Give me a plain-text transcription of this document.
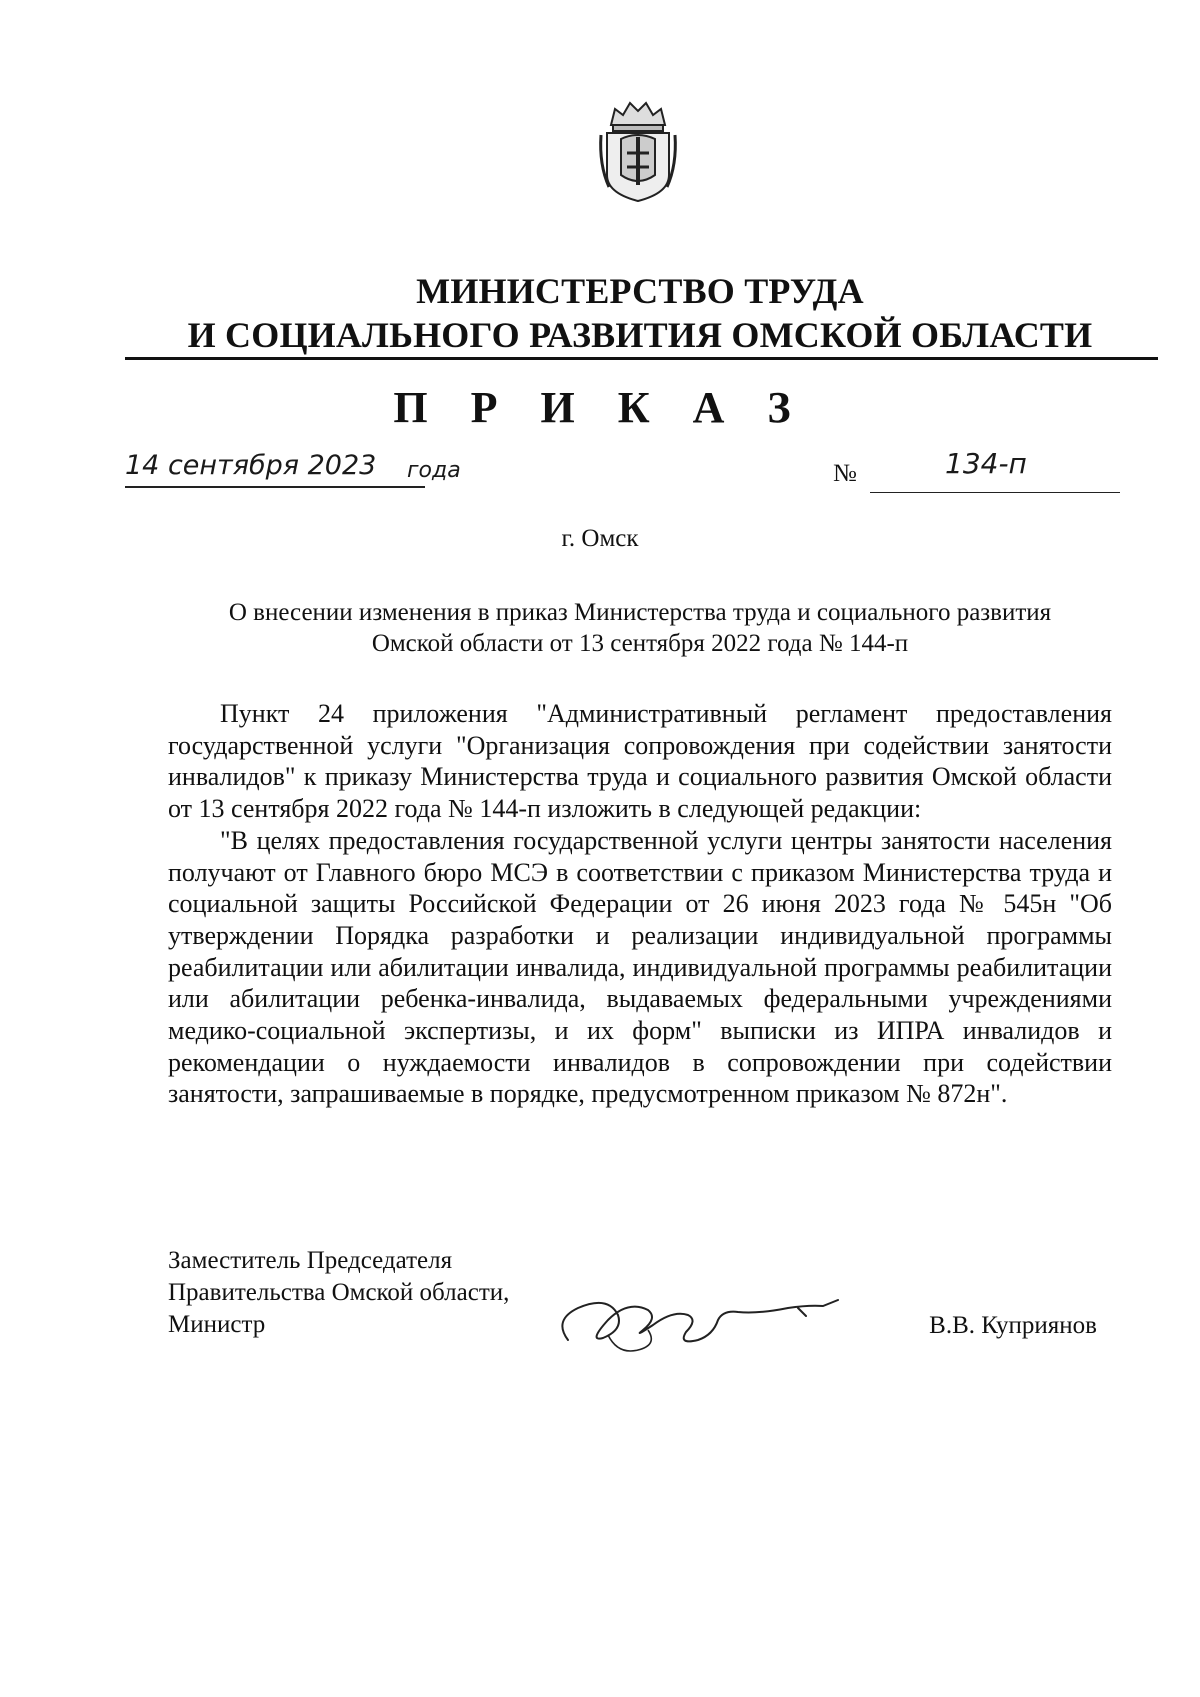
МИНИСТЕРСТВО ТРУДА
И СОЦИАЛЬНОГО РАЗВИТИЯ ОМСКОЙ ОБЛАСТИ
П Р И К А З
14 сентября 2023	года	№	134-п
г. Омск
О внесении изменения в приказ Министерства труда и социального развития
Омской области от 13 сентября 2022 года № 144-п

Пункт 24 приложения "Административный регламент предоставления государственной услуги "Организация сопровождения при содействии занятости инвалидов" к приказу Министерства труда и социального развития Омской области от 13 сентября 2022 года № 144-п изложить в следующей редакции:

"В целях предоставления государственной услуги центры занятости населения получают от Главного бюро МСЭ в соответствии с приказом Министерства труда и социальной защиты Российской Федерации от 26 июня 2023 года № 545н "Об утверждении Порядка разработки и реализации индивидуальной программы реабилитации или абилитации инвалида, индивидуальной программы реабилитации или абилитации ребенка-инвалида, выдаваемых федеральными учреждениями медико-социальной экспертизы, и их форм" выписки из ИПРА инвалидов и рекомендации о нуждаемости инвалидов в сопровождении при содействии занятости, запрашиваемые в порядке, предусмотренном приказом № 872н".

Заместитель Председателя
Правительства Омской области,
Министр	В.В. Куприянов
